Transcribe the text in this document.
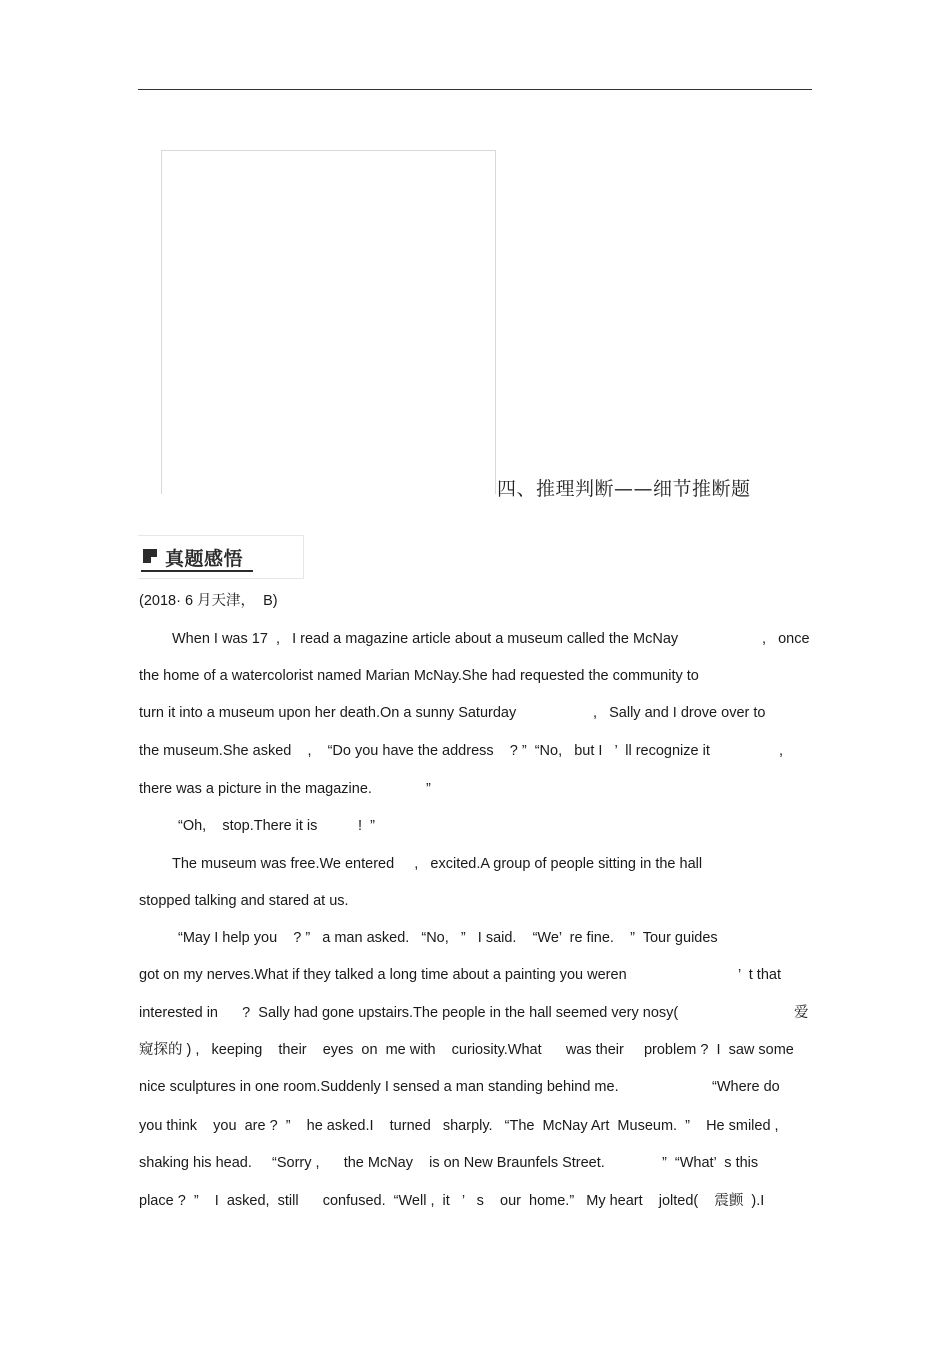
四、推理判断——细节推断题
真题感悟
(2018· 6 月天津，  B)
When I was 17  ,   I read a magazine article about a museum called the McNay	,   once
the home of a watercolorist named Marian McNay.She had requested the community to
turn it into a museum upon her death.On a sunny Saturday	,   Sally and I drove over to
the museum.She asked    ,    “Do you have the address    ? ”  “No,   but I   ’  ll recognize it	,
there was a picture in the magazine.	”
“Oh,    stop.There it is	!  ”
The museum was free.We entered     ,   excited.A group of people sitting in the hall
stopped talking and stared at us.
“May I help you    ? ”   a man asked.   “No,   ”   I said.    “We’  re fine.    ”  Tour guides
got on my nerves.What if they talked a long time about a painting you weren	’  t that
interested in      ?  Sally had gone upstairs.The people in the hall seemed very nosy(	爱
窥探的 ) ,   keeping    their    eyes  on  me with    curiosity.What      was their     problem ?  I  saw some
nice sculptures in one room.Suddenly I sensed a man standing behind me.	“Where do
you think    you  are ?  ”    he asked.I    turned   sharply.   “The  McNay Art  Museum.  ”    He smiled ,
shaking his head.     “Sorry ,      the McNay    is on New Braunfels Street.	”  “What’  s this
place ?  ”    I  asked,  still      confused.  “Well ,  it   ’   s    our  home.”   My heart    jolted(    震颤  ).I
